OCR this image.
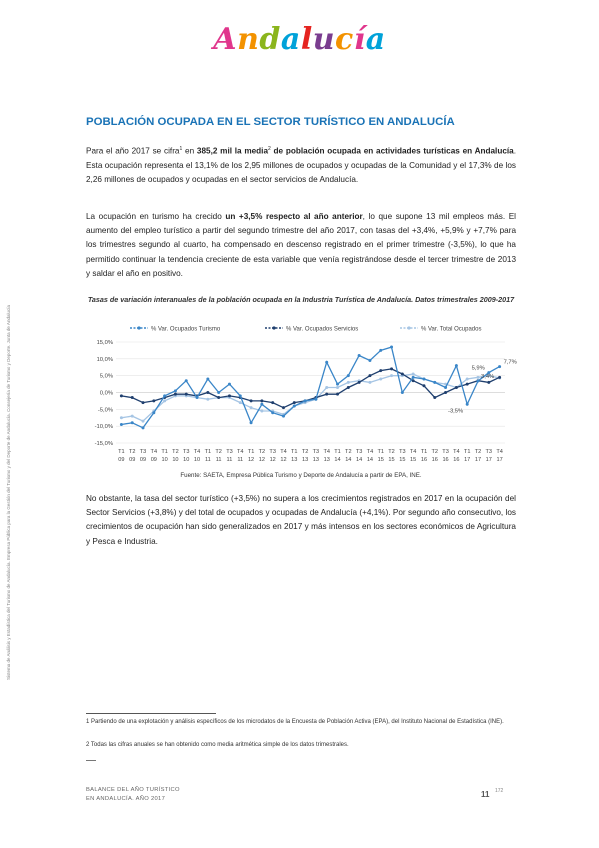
Andalucía
Sistema de Análisis y Estadística del Turismo de Andalucía. Empresa Pública para la Gestión del Turismo y del Deporte de Andalucía. Consejería de Turismo y Deporte. Junta de Andalucía
POBLACIÓN OCUPADA EN EL SECTOR TURÍSTICO EN ANDALUCÍA
Para el año 2017 se cifra$^1$ en 385,2 mil la media$^2$ de población ocupada en actividades turísticas en Andalucía. Esta ocupación representa el 13,1% de los 2,95 millones de ocupados y ocupadas de la Comunidad y el 17,3% de los 2,26 millones de ocupados y ocupadas en el sector servicios de Andalucía.
La ocupación en turismo ha crecido un +3,5% respecto al año anterior, lo que supone 13 mil empleos más. El aumento del empleo turístico a partir del segundo trimestre del año 2017, con tasas del +3,4%, +5,9% y +7,7% para los trimestres segundo al cuarto, ha compensado en descenso registrado en el primer trimestre (-3,5%), lo que ha permitido continuar la tendencia creciente de esta variable que venía registrándose desde el tercer trimestre de 2013 y saldar el año en positivo.
Tasas de variación interanuales de la población ocupada en la Industria Turística de Andalucía. Datos trimestrales 2009-2017
% Var. Ocupados Turismo	% Var. Ocupados Servicios	% Var. Total Ocupados
15,0%
10,0%
5,0%
0,0%
-5,0%
-10,0%
-15,0%
T1
09
T2
09
T3
09
T4
09
T1
10
T2
10
T3
10
T4
10
T1
11
T2
11
T3
11
T4
11
T1
12
T2
12
T3
12
T4
12
T1
13
T2
13
T3
13
T4
13
T1
14
T2
14
T3
14
T4
14
T1
15
T2
15
T3
15
T4
15
T1
16
T2
16
T3
16
T4
16
T1
17
T2
17
T3
17
T4
17
7,7%
5,9%
3,4%
-3,5%
Fuente: SAETA, Empresa Pública Turismo y Deporte de Andalucía a partir de EPA, INE.
No obstante, la tasa del sector turístico (+3,5%) no supera a los crecimientos registrados en 2017 en la ocupación del Sector Servicios (+3,8%) y del total de ocupados y ocupadas de Andalucía (+4,1%). Por segundo año consecutivo, los crecimientos de ocupación han sido generalizados en 2017 y más intensos en los sectores económicos de Agricultura y Pesca e Industria.
1 Partiendo de una explotación y análisis específicos de los microdatos de la Encuesta de Población Activa (EPA), del Instituto Nacional de Estadística (INE).
2 Todas las cifras anuales se han obtenido como media aritmética simple de los datos trimestrales.
BALANCE DEL AÑO TURÍSTICO
EN ANDALUCÍA. AÑO 2017	11 172
